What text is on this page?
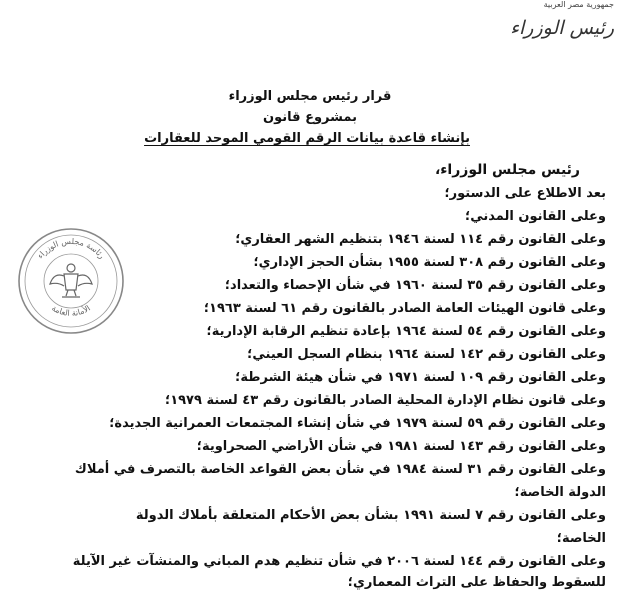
جمهورية مصر العربية
رئيس الوزراء
قرار رئيس مجلس الوزراء
بمشروع قانون
بإنشاء قاعدة بيانات الرقم القومي الموحد للعقارات
رئيس مجلس الوزراء،
بعد الاطلاع على الدستور؛
وعلى القانون المدني؛
وعلى القانون رقم ١١٤ لسنة ١٩٤٦ بتنظيم الشهر العقاري؛
وعلى القانون رقم ٣٠٨ لسنة ١٩٥٥ بشأن الحجز الإداري؛
وعلى القانون رقم ٣٥ لسنة ١٩٦٠ في شأن الإحصاء والتعداد؛
وعلى قانون الهيئات العامة الصادر بالقانون رقم ٦١ لسنة ١٩٦٣؛
وعلى القانون رقم ٥٤ لسنة ١٩٦٤ بإعادة تنظيم الرقابة الإدارية؛
وعلى القانون رقم ١٤٢ لسنة ١٩٦٤ بنظام السجل العيني؛
وعلى القانون رقم ١٠٩ لسنة ١٩٧١ في شأن هيئة الشرطة؛
وعلى قانون نظام الإدارة المحلية الصادر بالقانون رقم ٤٣ لسنة ١٩٧٩؛
وعلى القانون رقم ٥٩ لسنة ١٩٧٩ في شأن إنشاء المجتمعات العمرانية الجديدة؛
وعلى القانون رقم ١٤٣ لسنة ١٩٨١ في شأن الأراضي الصحراوية؛
وعلى القانون رقم ٣١ لسنة ١٩٨٤ في شأن بعض القواعد الخاصة بالتصرف في أملاك
الدولة الخاصة؛
وعلى القانون رقم ٧ لسنة ١٩٩١ بشأن بعض الأحكام المتعلقة بأملاك الدولة
الخاصة؛
وعلى القانون رقم ١٤٤ لسنة ٢٠٠٦ في شأن تنظيم هدم المباني والمنشآت غير الآيلة
للسقوط والحفاظ على التراث المعماري؛
رئاسة مجلس الوزراء
الأمانة العامة
